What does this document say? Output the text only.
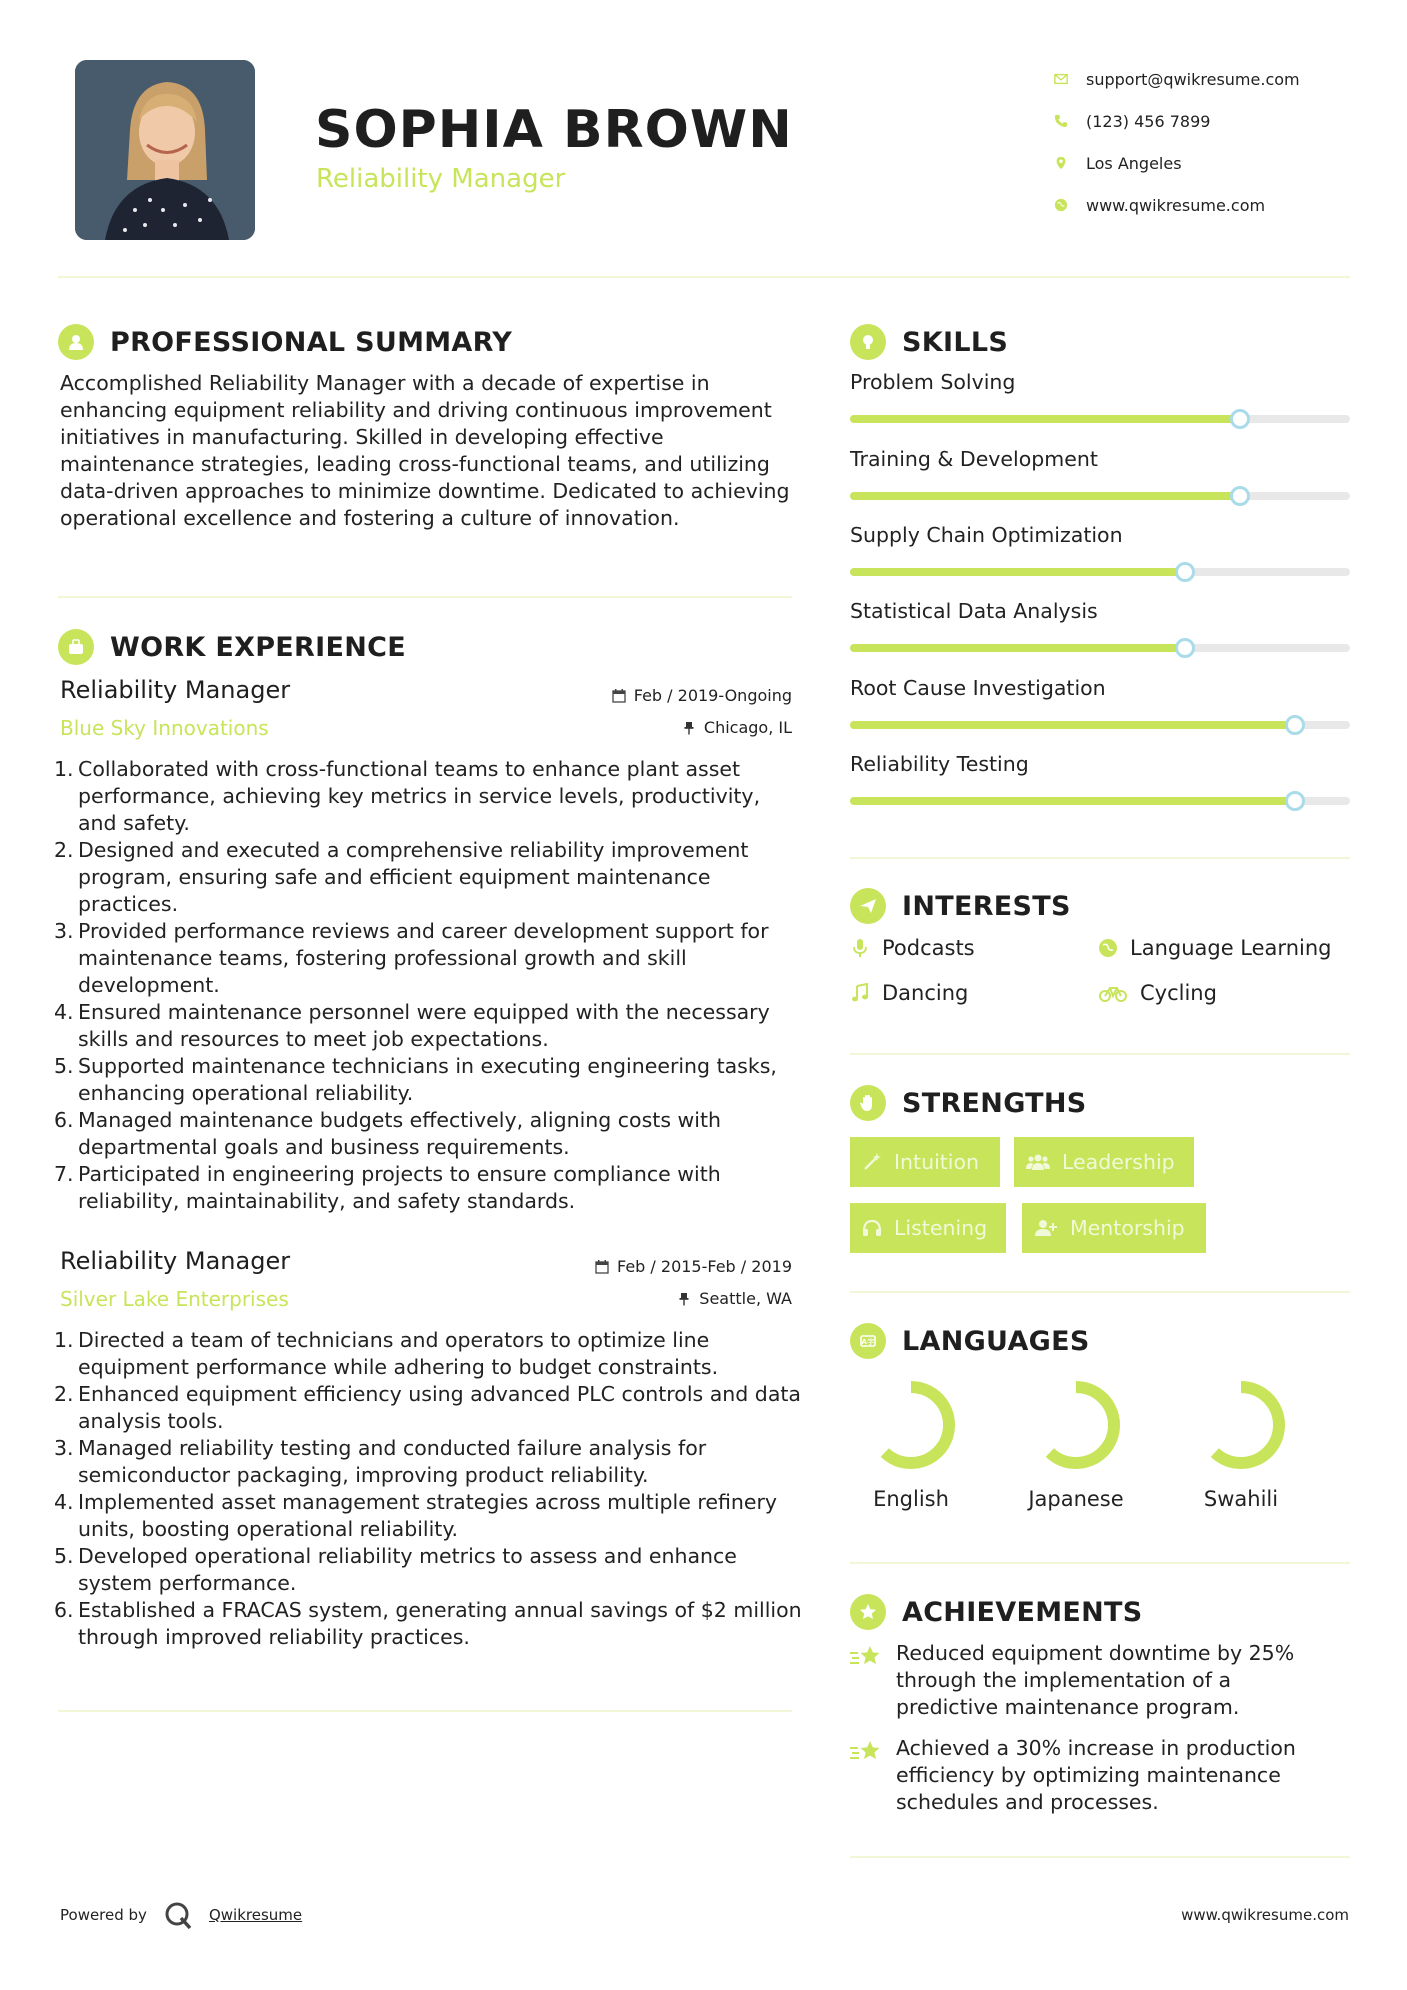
SOPHIA BROWN
Reliability Manager
support@qwikresume.com
(123) 456 7899
Los Angeles
www.qwikresume.com
PROFESSIONAL SUMMARY
Accomplished Reliability Manager with a decade of expertise in enhancing equipment reliability and driving continuous improvement initiatives in manufacturing. Skilled in developing effective maintenance strategies, leading cross-functional teams, and utilizing data-driven approaches to minimize downtime. Dedicated to achieving operational excellence and fostering a culture of innovation.
WORK EXPERIENCE
Reliability Manager
Blue Sky Innovations
Feb / 2019-Ongoing
Chicago, IL
1. Collaborated with cross-functional teams to enhance plant asset performance, achieving key metrics in service levels, productivity, and safety.
2. Designed and executed a comprehensive reliability improvement program, ensuring safe and efficient equipment maintenance practices.
3. Provided performance reviews and career development support for maintenance teams, fostering professional growth and skill development.
4. Ensured maintenance personnel were equipped with the necessary skills and resources to meet job expectations.
5. Supported maintenance technicians in executing engineering tasks, enhancing operational reliability.
6. Managed maintenance budgets effectively, aligning costs with departmental goals and business requirements.
7. Participated in engineering projects to ensure compliance with reliability, maintainability, and safety standards.
Reliability Manager
Silver Lake Enterprises
Feb / 2015-Feb / 2019
Seattle, WA
1. Directed a team of technicians and operators to optimize line equipment performance while adhering to budget constraints.
2. Enhanced equipment efficiency using advanced PLC controls and data analysis tools.
3. Managed reliability testing and conducted failure analysis for semiconductor packaging, improving product reliability.
4. Implemented asset management strategies across multiple refinery units, boosting operational reliability.
5. Developed operational reliability metrics to assess and enhance system performance.
6. Established a FRACAS system, generating annual savings of $2 million through improved reliability practices.
SKILLS
Problem Solving
Training & Development
Supply Chain Optimization
Statistical Data Analysis
Root Cause Investigation
Reliability Testing
INTERESTS
Podcasts	Language Learning
Dancing	Cycling
STRENGTHS
Intuition	Leadership
Listening	Mentorship
A字 LANGUAGES
English	Japanese	Swahili
ACHIEVEMENTS
Reduced equipment downtime by 25% through the implementation of a predictive maintenance program.
Achieved a 30% increase in production efficiency by optimizing maintenance schedules and processes.
Powered by	Qwikresume	www.qwikresume.com
